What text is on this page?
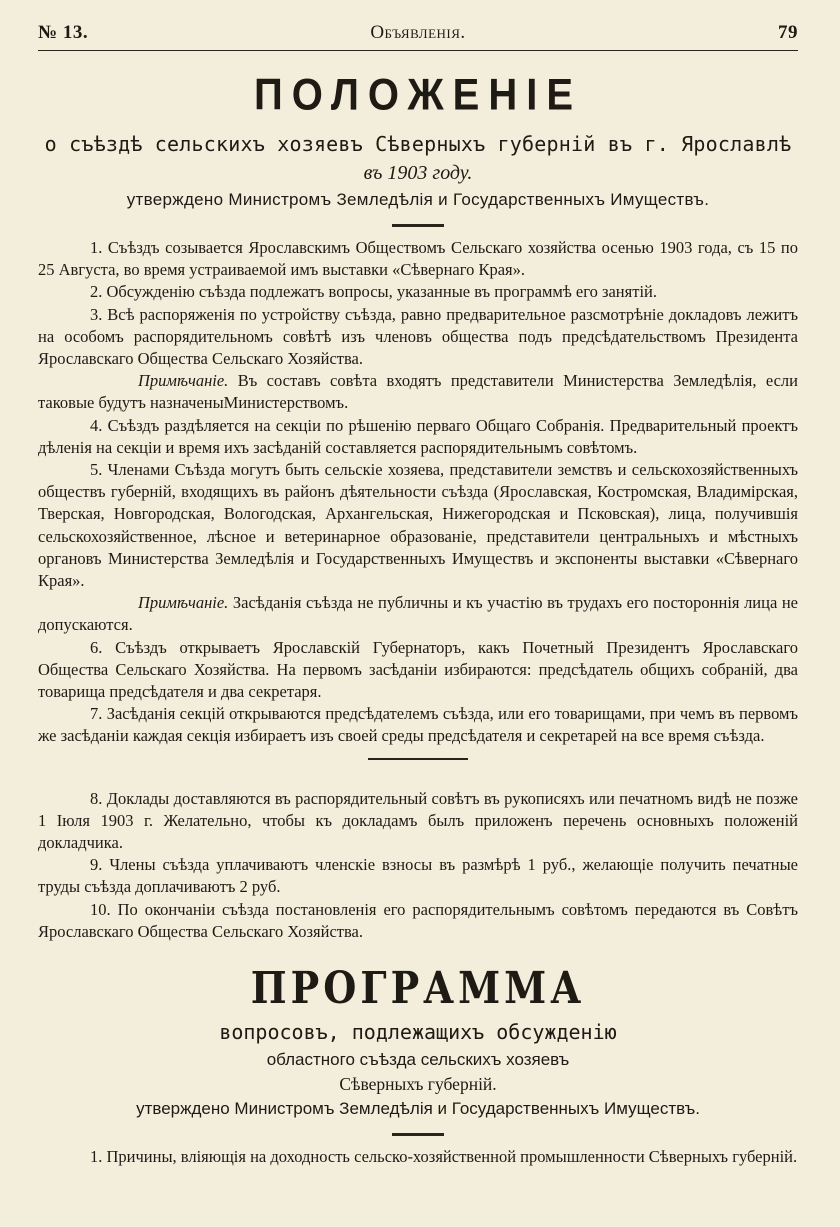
№ 13.	Объявленія.	79
ПОЛОЖЕНІЕ
о съѣздѣ сельскихъ хозяевъ Сѣверныхъ губерній въ г. Ярославлѣ
въ 1903 году.
утверждено Министромъ Земледѣлія и Государственныхъ Имуществъ.

1. Съѣздъ созывается Ярославскимъ Обществомъ Сельскаго хозяйства осенью 1903 года, съ 15 по 25 Августа, во время устраиваемой имъ выставки «Сѣвернаго Края».

2. Обсужденію съѣзда подлежатъ вопросы, указанные въ программѣ его занятій.

3. Всѣ распоряженія по устройству съѣзда, равно предварительное разсмотрѣніе докладовъ лежитъ на особомъ распорядительномъ совѣтѣ изъ членовъ общества подъ предсѣдательствомъ Президента Ярославскаго Общества Сельскаго Хозяйства.

Примѣчаніе. Въ составъ совѣта входятъ представители Министерства Земледѣлія, если таковые будутъ назначеныМинистерствомъ.

4. Съѣздъ раздѣляется на секціи по рѣшенію перваго Общаго Собранія. Предварительный проектъ дѣленія на секціи и время ихъ засѣданій составляется распорядительнымъ совѣтомъ.

5. Членами Съѣзда могутъ быть сельскіе хозяева, представители земствъ и сельскохозяйственныхъ обществъ губерній, входящихъ въ районъ дѣятельности съѣзда (Ярославская, Костромская, Владимірская, Тверская, Новгородская, Вологодская, Архангельская, Нижегородская и Псковская), лица, получившія сельскохозяйственное, лѣсное и ветеринарное образованіе, представители центральныхъ и мѣстныхъ органовъ Министерства Земледѣлія и Государственныхъ Имуществъ и экспоненты выставки «Сѣвернаго Края».

Примѣчаніе. Засѣданія съѣзда не публичны и къ участію въ трудахъ его постороннія лица не допускаются.

6. Съѣздъ открываетъ Ярославскій Губернаторъ, какъ Почетный Президентъ Ярославскаго Общества Сельскаго Хозяйства. На первомъ засѣданіи избираются: предсѣдатель общихъ собраній, два товарища предсѣдателя и два секретаря.

7. Засѣданія секцій открываются предсѣдателемъ съѣзда, или его товарищами, при чемъ въ первомъ же засѣданіи каждая секція избираетъ изъ своей среды предсѣдателя и секретарей на все время съѣзда.

8. Доклады доставляются въ распорядительный совѣтъ въ рукописяхъ или печатномъ видѣ не позже 1 Іюля 1903 г. Желательно, чтобы къ докладамъ былъ приложенъ перечень основныхъ положеній докладчика.

9. Члены съѣзда уплачиваютъ членскіе взносы въ размѣрѣ 1 руб., желающіе получить печатные труды съѣзда доплачиваютъ 2 руб.

10. По окончаніи съѣзда постановленія его распорядительнымъ совѣтомъ передаются въ Совѣтъ Ярославскаго Общества Сельскаго Хозяйства.

ПРОГРАММА
вопросовъ, подлежащихъ обсужденію
областного съѣзда сельскихъ хозяевъ
Сѣверныхъ губерній.
утверждено Министромъ Земледѣлія и Государственныхъ Имуществъ.

1. Причины, вліяющія на доходность сельско-хозяйственной промышленности Сѣверныхъ губерній.
